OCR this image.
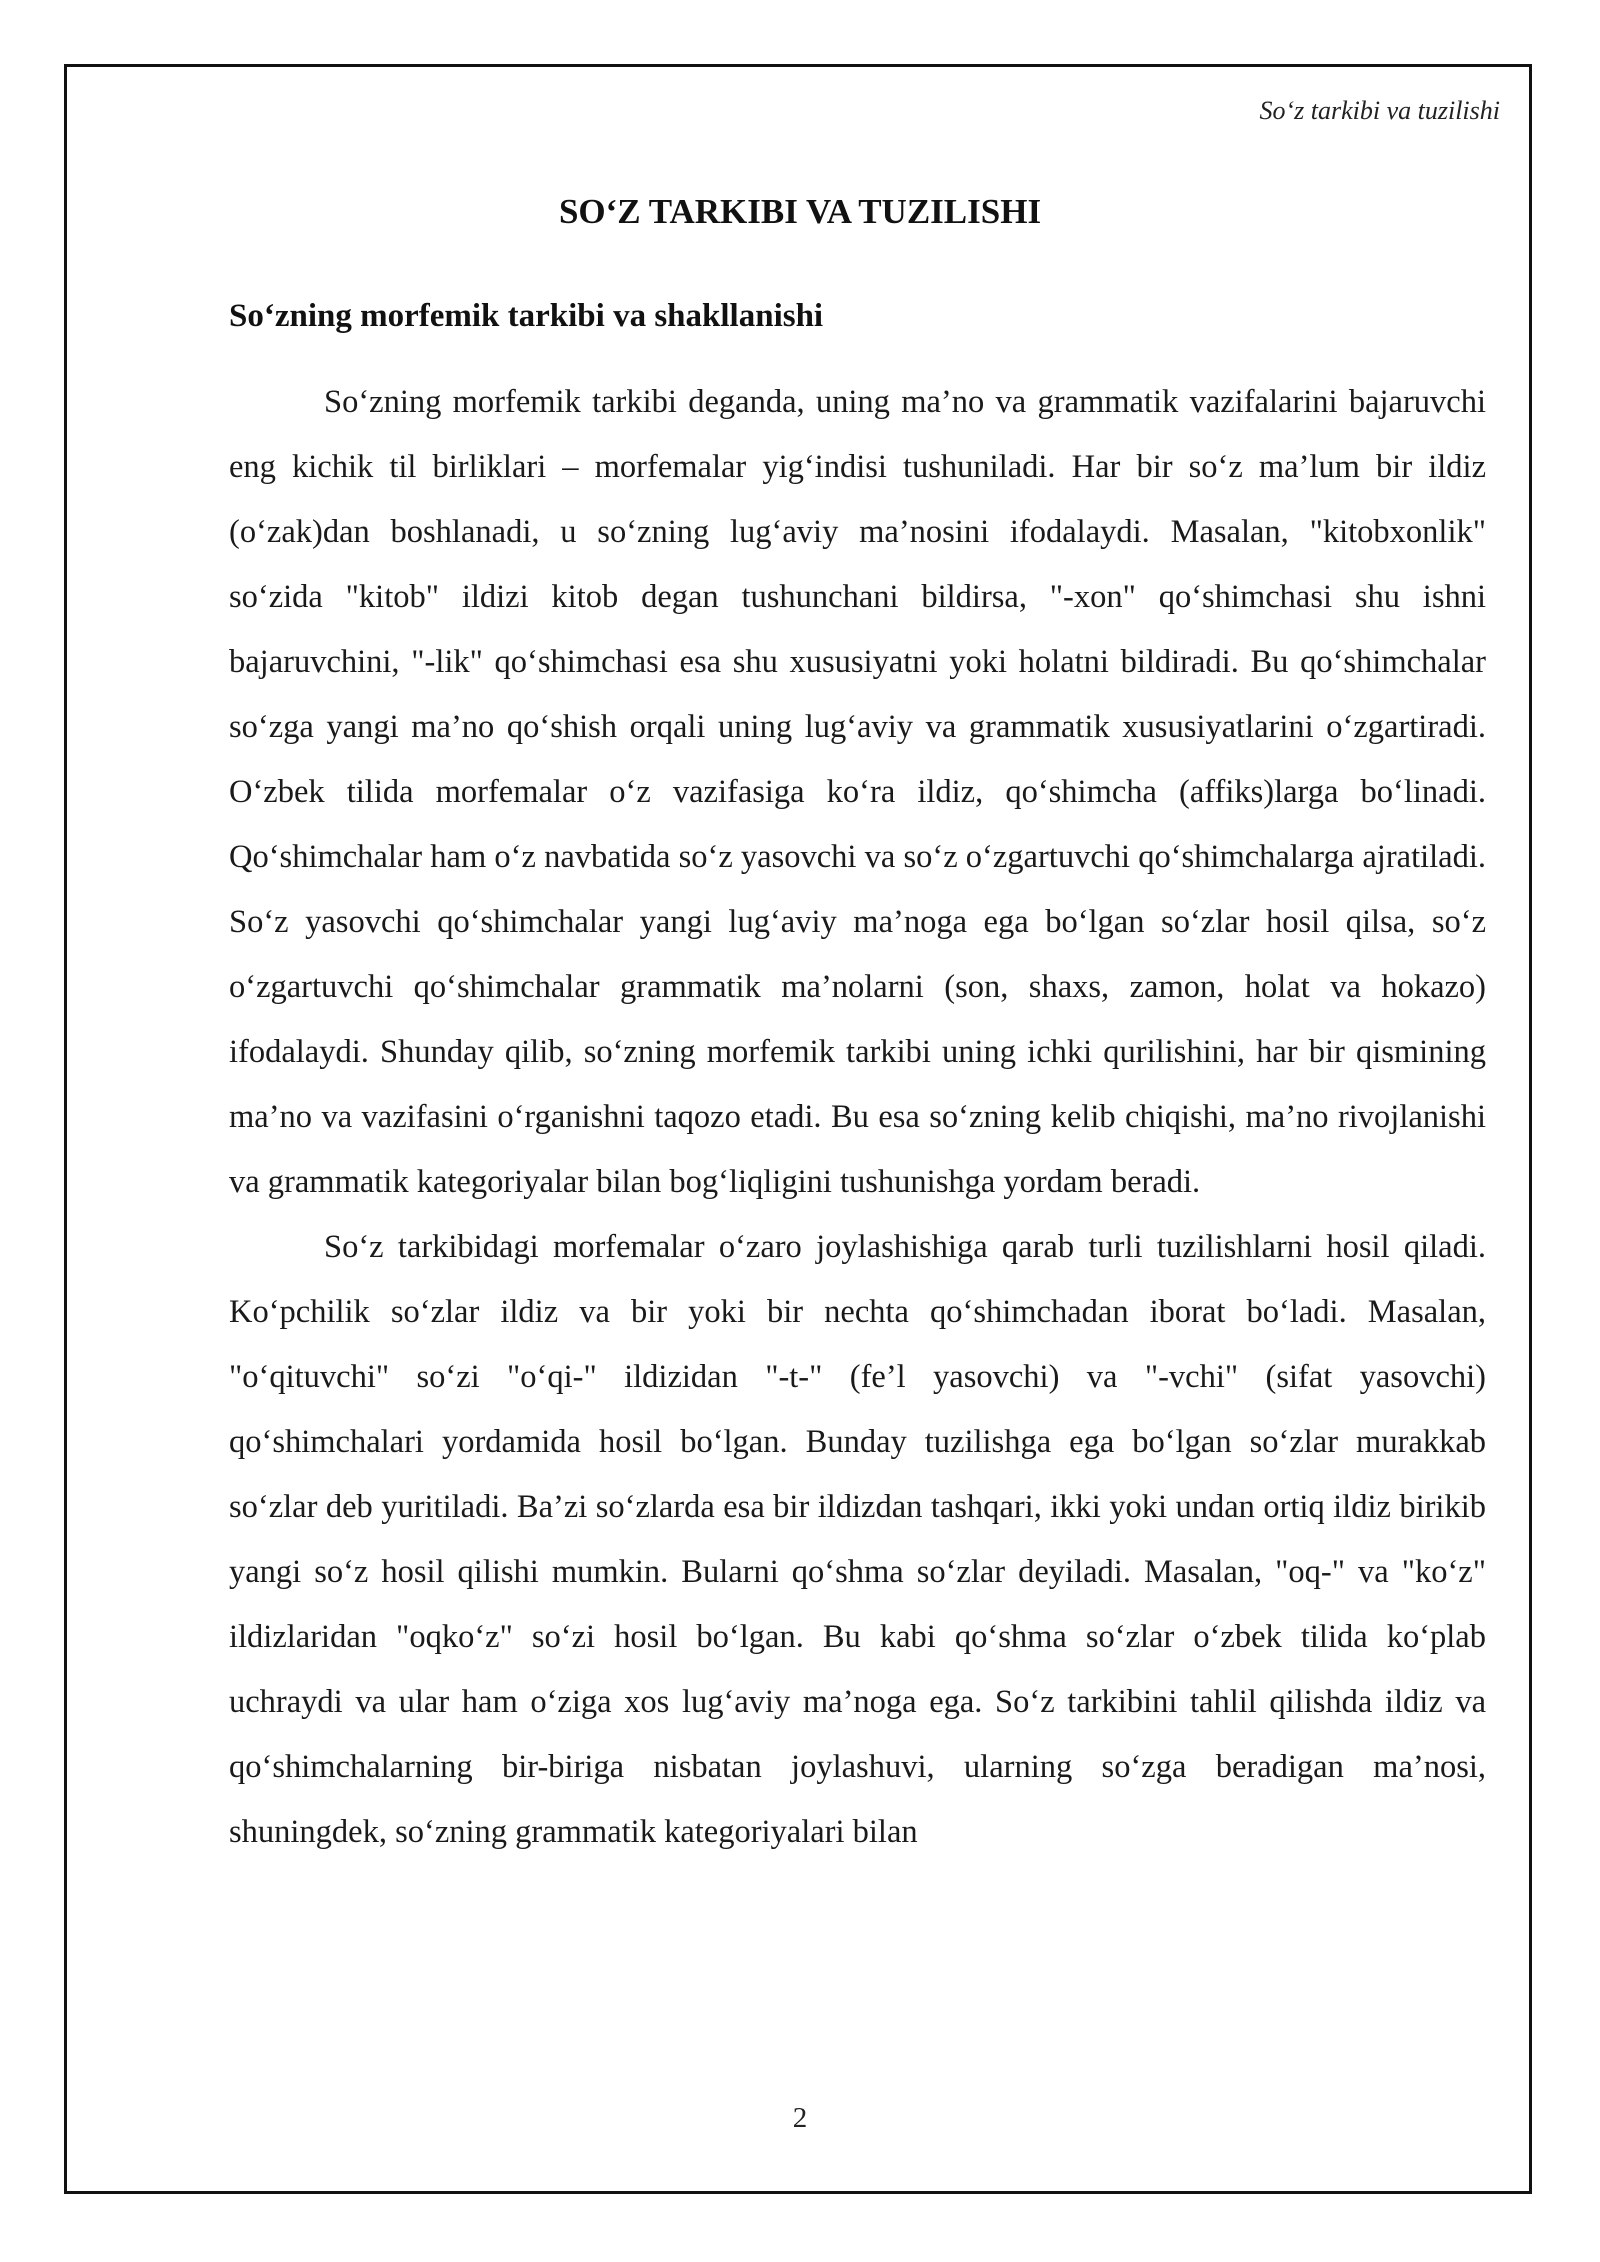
So‘z tarkibi va tuzilishi
SO‘Z TARKIBI VA TUZILISHI
So‘zning morfemik tarkibi va shakllanishi

So‘zning morfemik tarkibi deganda, uning ma’no va grammatik vazifalarini bajaruvchi eng kichik til birliklari – morfemalar yig‘indisi tushuniladi. Har bir so‘z ma’lum bir ildiz (o‘zak)dan boshlanadi, u so‘zning lug‘aviy ma’nosini ifodalaydi. Masalan, "kitobxonlik" so‘zida "kitob" ildizi kitob degan tushunchani bildirsa, "-xon" qo‘shimchasi shu ishni bajaruvchini, "-lik" qo‘shimchasi esa shu xususiyatni yoki holatni bildiradi. Bu qo‘shimchalar so‘zga yangi ma’no qo‘shish orqali uning lug‘aviy va grammatik xususiyatlarini o‘zgartiradi. O‘zbek tilida morfemalar o‘z vazifasiga ko‘ra ildiz, qo‘shimcha (affiks)larga bo‘linadi. Qo‘shimchalar ham o‘z navbatida so‘z yasovchi va so‘z o‘zgartuvchi qo‘shimchalarga ajratiladi. So‘z yasovchi qo‘shimchalar yangi lug‘aviy ma’noga ega bo‘lgan so‘zlar hosil qilsa, so‘z o‘zgartuvchi qo‘shimchalar grammatik ma’nolarni (son, shaxs, zamon, holat va hokazo) ifodalaydi. Shunday qilib, so‘zning morfemik tarkibi uning ichki qurilishini, har bir qismining ma’no va vazifasini o‘rganishni taqozo etadi. Bu esa so‘zning kelib chiqishi, ma’no rivojlanishi va grammatik kategoriyalar bilan bog‘liqligini tushunishga yordam beradi.

So‘z tarkibidagi morfemalar o‘zaro joylashishiga qarab turli tuzilishlarni hosil qiladi. Ko‘pchilik so‘zlar ildiz va bir yoki bir nechta qo‘shimchadan iborat bo‘ladi. Masalan, "o‘qituvchi" so‘zi "o‘qi-" ildizidan "-t-" (fe’l yasovchi) va "-vchi" (sifat yasovchi) qo‘shimchalari yordamida hosil bo‘lgan. Bunday tuzilishga ega bo‘lgan so‘zlar murakkab so‘zlar deb yuritiladi. Ba’zi so‘zlarda esa bir ildizdan tashqari, ikki yoki undan ortiq ildiz birikib yangi so‘z hosil qilishi mumkin. Bularni qo‘shma so‘zlar deyiladi. Masalan, "oq-" va "ko‘z" ildizlaridan "oqko‘z" so‘zi hosil bo‘lgan. Bu kabi qo‘shma so‘zlar o‘zbek tilida ko‘plab uchraydi va ular ham o‘ziga xos lug‘aviy ma’noga ega. So‘z tarkibini tahlil qilishda ildiz va qo‘shimchalarning bir-biriga nisbatan joylashuvi, ularning so‘zga beradigan ma’nosi, shuningdek, so‘zning grammatik kategoriyalari bilan

2
